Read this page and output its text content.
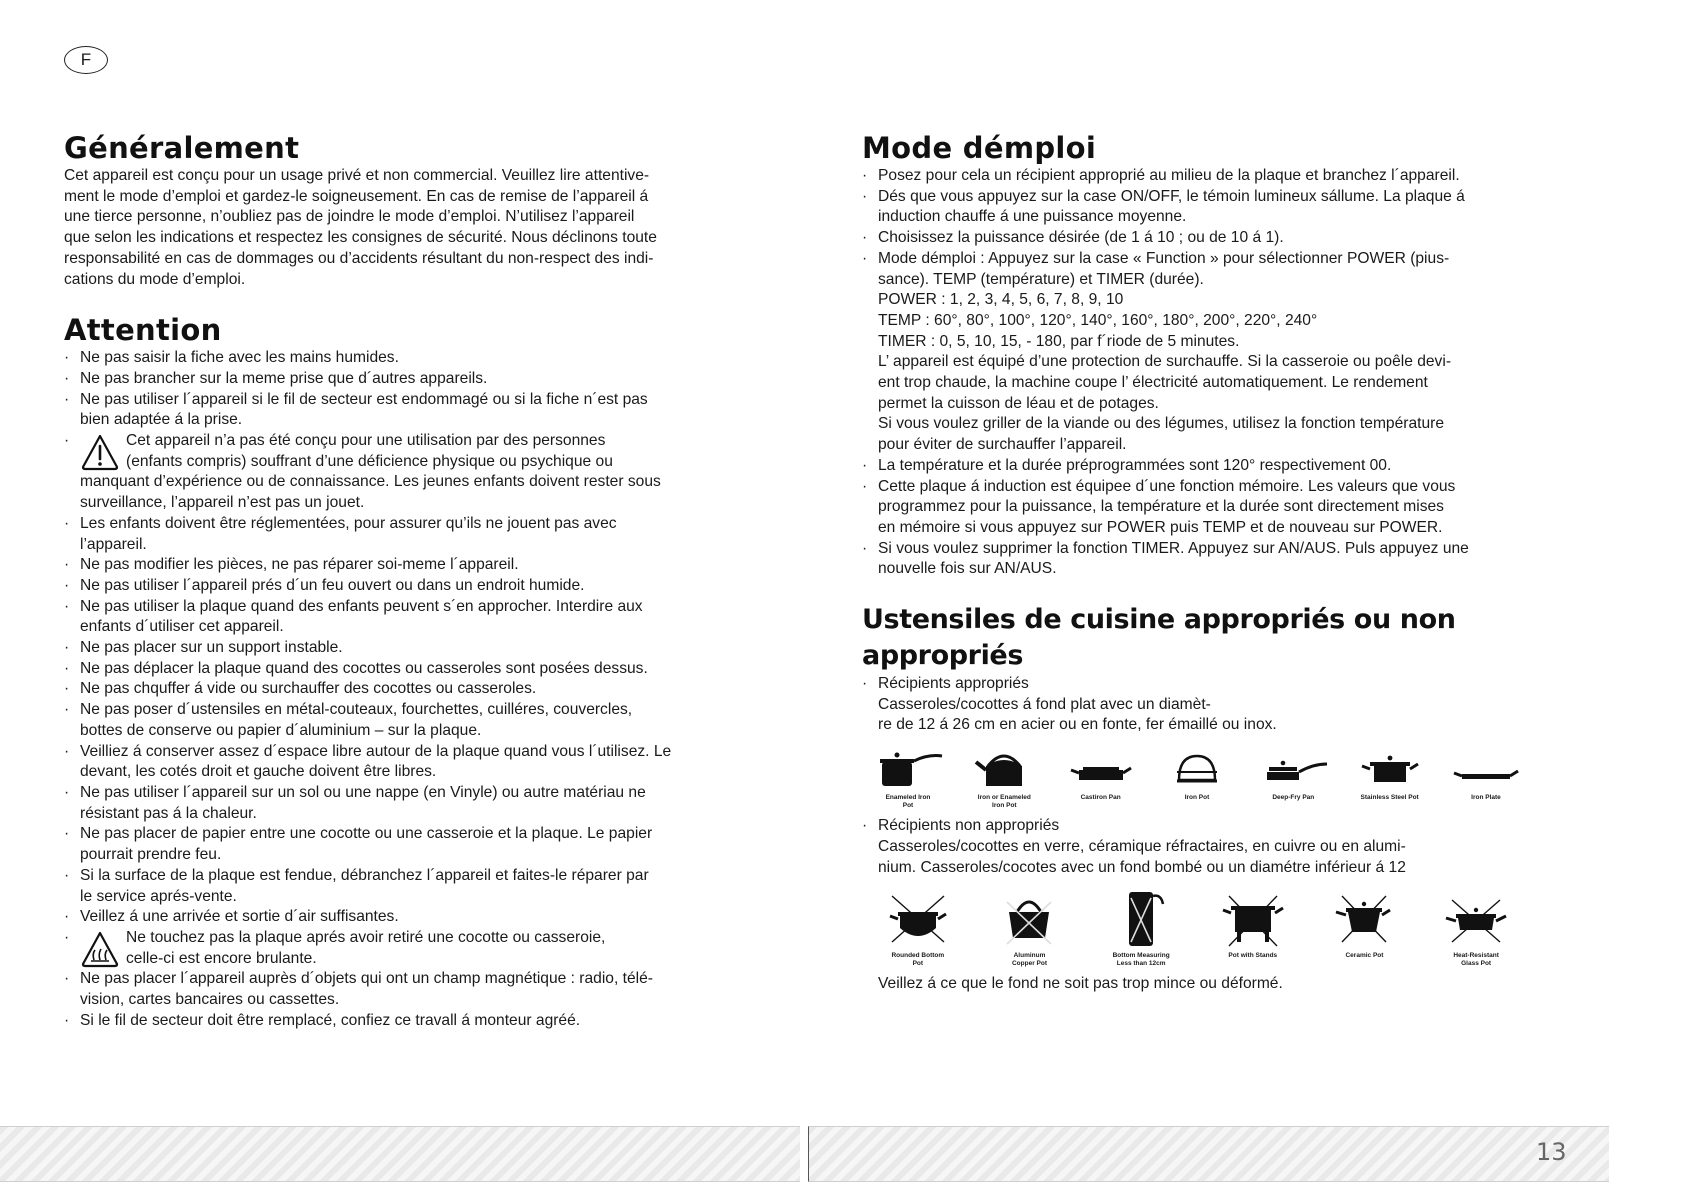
F
Généralement

Cet appareil est conçu pour un usage privé et non commercial. Veuillez lire attentive-
ment le mode d’emploi et gardez-le soigneusement. En cas de remise de l’appareil á
une tierce personne, n’oubliez pas de joindre le mode d’emploi. N’utilisez l’appareil
que selon les indications et respectez les consignes de sécurité. Nous déclinons toute
responsabilité en cas de dommages ou d’accidents résultant du non-respect des indi-
cations du mode d’emploi.

Attention
· Ne pas saisir la fiche avec les mains humides.
· Ne pas brancher sur la meme prise que d´autres appareils.
· Ne pas utiliser l´appareil si le fil de secteur est endommagé ou si la fiche n´est pas
bien adaptée á la prise.
· Cet appareil n’a pas été conçu pour une utilisation par des personnes
(enfants compris) souffrant d’une déficience physique ou psychique ou
manquant d’expérience ou de connaissance. Les jeunes enfants doivent rester sous
surveillance, l’appareil n’est pas un jouet.
· Les enfants doivent être réglementées, pour assurer qu’ils ne jouent pas avec
l’appareil.
· Ne pas modifier les pièces, ne pas réparer soi-meme l´appareil.
· Ne pas utiliser l´appareil prés d´un feu ouvert ou dans un endroit humide.
· Ne pas utiliser la plaque quand des enfants peuvent s´en approcher. Interdire aux
enfants d´utiliser cet appareil.
· Ne pas placer sur un support instable.
· Ne pas déplacer la plaque quand des cocottes ou casseroles sont posées dessus.
· Ne pas chquffer á vide ou surchauffer des cocottes ou casseroles.
· Ne pas poser d´ustensiles en métal-couteaux, fourchettes, cuilléres, couvercles,
bottes de conserve ou papier d´aluminium – sur la plaque.
· Veilliez á conserver assez d´espace libre autour de la plaque quand vous l´utilisez. Le
devant, les cotés droit et gauche doivent être libres.
· Ne pas utiliser l´appareil sur un sol ou une nappe (en Vinyle) ou autre matériau ne
résistant pas á la chaleur.
· Ne pas placer de papier entre une cocotte ou une casseroie et la plaque. Le papier
pourrait prendre feu.
· Si la surface de la plaque est fendue, débranchez l´appareil et faites-le réparer par
le service aprés-vente.
· Veillez á une arrivée et sortie d´air suffisantes.
· Ne touchez pas la plaque aprés avoir retiré une cocotte ou casseroie,
celle-ci est encore brulante.
· Ne pas placer l´appareil auprès d´objets qui ont un champ magnétique : radio, télé-
vision, cartes bancaires ou cassettes.
· Si le fil de secteur doit être remplacé, confiez ce travall á monteur agréé.
Mode démploi
· Posez pour cela un récipient approprié au milieu de la plaque et branchez l´appareil.
· Dés que vous appuyez sur la case ON/OFF, le témoin lumineux sállume. La plaque á
induction chauffe á une puissance moyenne.
· Choisissez la puissance désirée (de 1 á 10 ; ou de 10 á 1).
· Mode démploi : Appuyez sur la case « Function » pour sélectionner POWER (pius-
sance). TEMP (température) et TIMER (durée).
POWER : 1, 2, 3, 4, 5, 6, 7, 8, 9, 10
TEMP : 60°, 80°, 100°, 120°, 140°, 160°, 180°, 200°, 220°, 240°
TIMER : 0, 5, 10, 15, - 180, par f´riode de 5 minutes.
L’ appareil est équipé d’une protection de surchauffe. Si la casseroie ou poêle devi-
ent trop chaude, la machine coupe l’ électricité automatiquement. Le rendement
permet la cuisson de léau et de potages.
Si vous voulez griller de la viande ou des légumes, utilisez la fonction température
pour éviter de surchauffer l’appareil.
· La température et la durée préprogrammées sont 120° respectivement 00.
· Cette plaque á induction est équipee d´une fonction mémoire. Les valeurs que vous
programmez pour la puissance, la température et la durée sont directement mises
en mémoire si vous appuyez sur POWER puis TEMP et de nouveau sur POWER.
· Si vous voulez supprimer la fonction TIMER. Appuyez sur AN/AUS. Puls appuyez une
nouvelle fois sur AN/AUS.
Ustensiles de cuisine appropriés ou non appropriés
· Récipients appropriés
Casseroles/cocottes á fond plat avec un diamèt-
re de 12 á 26 cm en acier ou en fonte, fer émaillé ou inox.
Enameled Iron
Pot
Iron or Enameled
Iron Pot
Castiron Pan	Iron Pot	Deep-Fry Pan	Stainless Steel Pot	Iron Plate
· Récipients non appropriés
Casseroles/cocottes en verre, céramique réfractaires, en cuivre ou en alumi-
nium. Casseroles/cocotes avec un fond bombé ou un diamétre inférieur á 12
Rounded Bottom
Pot
Aluminum
Copper Pot
Bottom Measuring
Less than 12cm
Pot with Stands	Ceramic Pot	Heat-Resistant
Glass Pot

Veillez á ce que le fond ne soit pas trop mince ou déformé.

13
